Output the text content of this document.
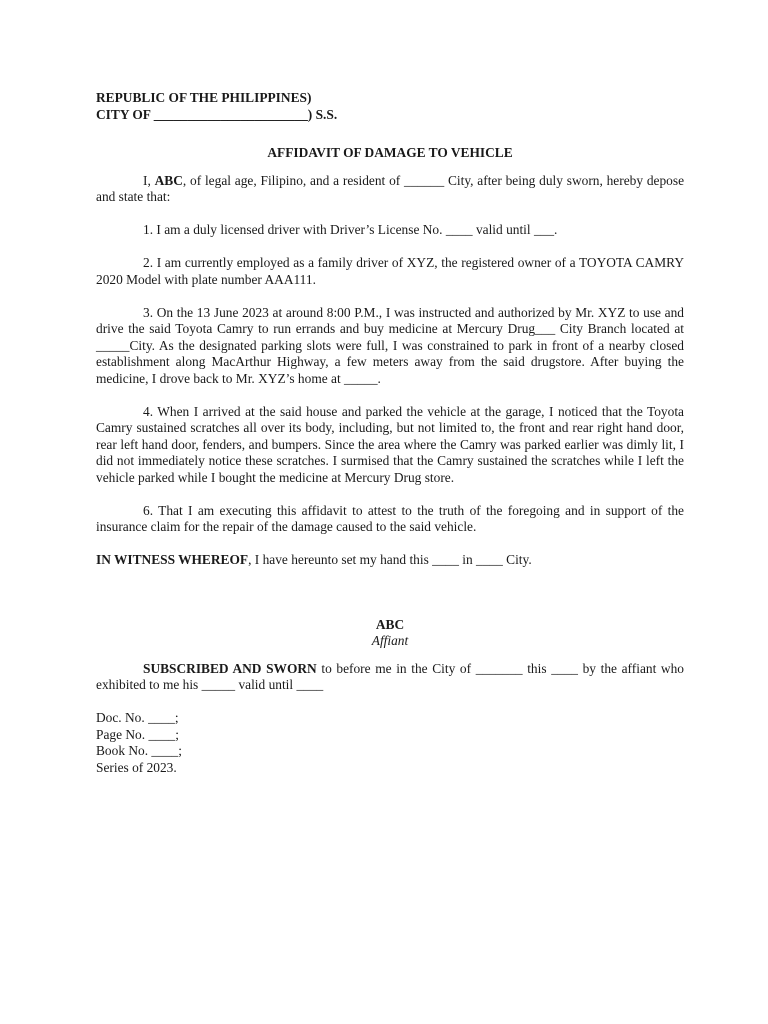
REPUBLIC OF THE PHILIPPINES)

CITY OF _______________________) S.S.

AFFIDAVIT OF DAMAGE TO VEHICLE

I, ABC, of legal age, Filipino, and a resident of ______ City, after being duly sworn, hereby depose and state that:

1. I am a duly licensed driver with Driver’s License No. ____ valid until ___.

2. I am currently employed as a family driver of XYZ, the registered owner of a TOYOTA CAMRY 2020 Model with plate number AAA111.

3. On the 13 June 2023 at around 8:00 P.M., I was instructed and authorized by Mr. XYZ to use and drive the said Toyota Camry to run errands and buy medicine at Mercury Drug___ City Branch located at _____City. As the designated parking slots were full, I was constrained to park in front of a nearby closed establishment along MacArthur Highway, a few meters away from the said drugstore. After buying the medicine, I drove back to Mr. XYZ’s home at _____.

4. When I arrived at the said house and parked the vehicle at the garage, I noticed that the Toyota Camry sustained scratches all over its body, including, but not limited to, the front and rear right hand door, rear left hand door, fenders, and bumpers. Since the area where the Camry was parked earlier was dimly lit, I did not immediately notice these scratches. I surmised that the Camry sustained the scratches while I left the vehicle parked while I bought the medicine at Mercury Drug store.

6. That I am executing this affidavit to attest to the truth of the foregoing and in support of the insurance claim for the repair of the damage caused to the said vehicle.

IN WITNESS WHEREOF, I have hereunto set my hand this ____ in ____ City.

ABC

Affiant

SUBSCRIBED AND SWORN to before me in the City of _______ this ____ by the affiant who exhibited to me his _____ valid until ____

Doc. No. ____;

Page No. ____;

Book No. ____;

Series of 2023.
